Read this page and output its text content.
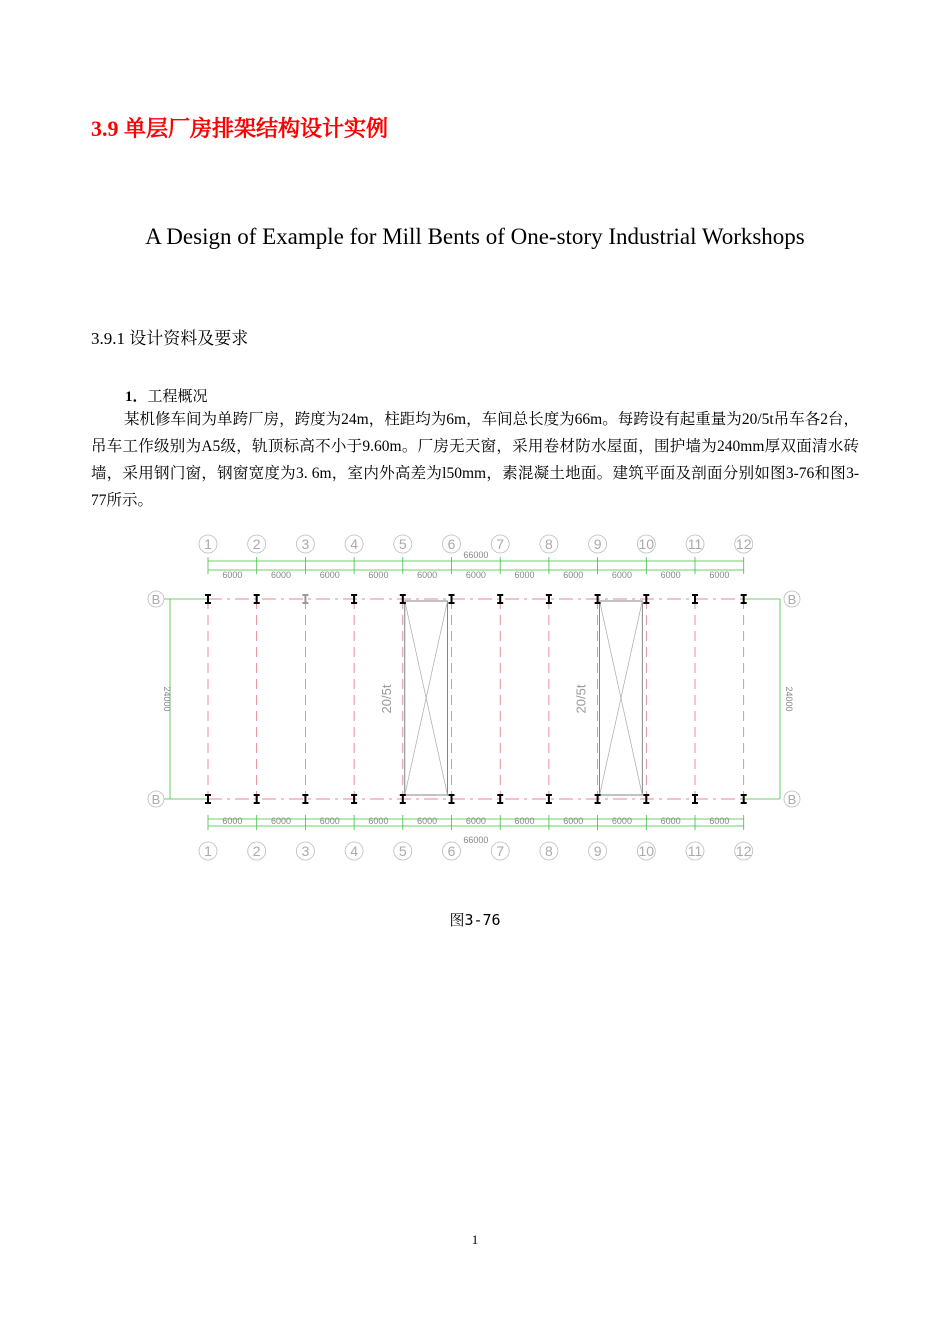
3.9 单层厂房排架结构设计实例
A Design of Example for Mill Bents of One-story Industrial Workshops
3.9.1 设计资料及要求
1．工程概况
某机修车间为单跨厂房，跨度为24m，柱距均为6m，车间总长度为66m。每跨设有起重量为20/5t吊车各2台，吊车工作级别为A5级，轨顶标高不小于9.60m。厂房无天窗，采用卷材防水屋面，围护墙为240mm厚双面清水砖墙，采用钢门窗，钢窗宽度为3. 6m，室内外高差为l50mm，素混凝土地面。建筑平面及剖面分别如图3-76和图3-77所示。
1	2	3	4	5	6	7	8	9	10 11 12
1	2	3	4	5	6	7	8	9	10 11 12
66000
66000
6000
6000
6000
6000
6000
6000
6000
6000
6000
6000
6000
6000
6000
6000
6000
6000
6000
6000
6000
6000
6000
6000
B	B
B	B
24000	24000
20/5t	20/5t
图3-76
1
